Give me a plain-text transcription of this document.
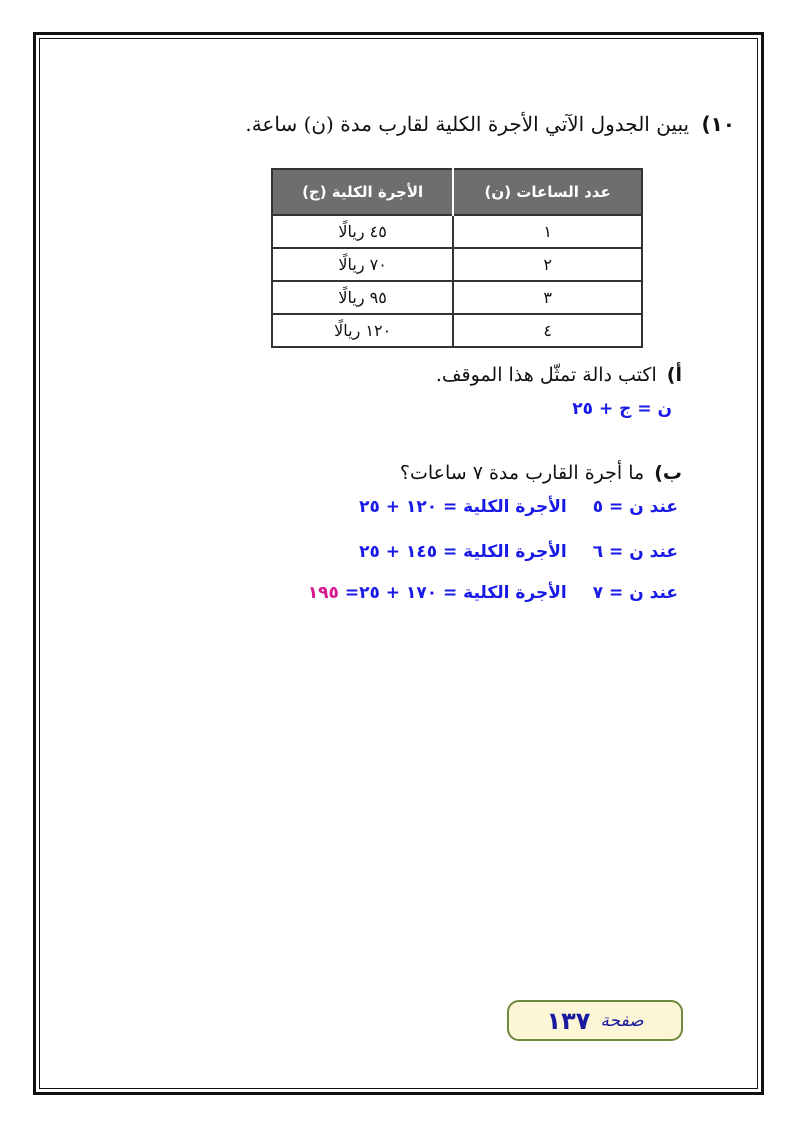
١٠) يبين الجدول الآتي الأجرة الكلية لقارب مدة (ن) ساعة.
عدد الساعات (ن)	الأجرة الكلية (ج)
١	٤٥ ريالًا
٢	٧٠ ريالًا
٣	٩٥ ريالًا
٤	١٢٠ ريالًا
أ) اكتب دالة تمثّل هذا الموقف.
ن = ج + ٢٥
ب) ما أجرة القارب مدة ٧ ساعات؟
عند ن = ٥الأجرة الكلية = ١٢٠ + ٢٥
عند ن = ٦الأجرة الكلية = ١٤٥ + ٢٥
عند ن = ٧الأجرة الكلية = ١٧٠ + ٢٥= ١٩٥
صفحة
١٣٧
